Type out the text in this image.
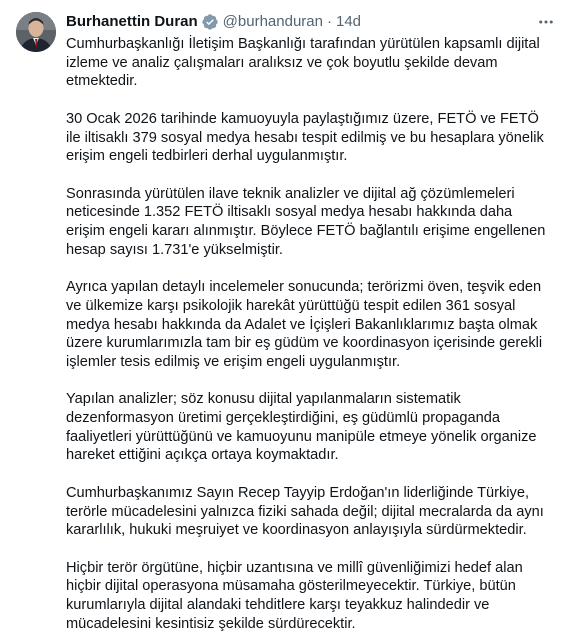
Burhanettin Duran @burhanduran · 14d

Cumhurbaşkanlığı İletişim Başkanlığı tarafından yürütülen kapsamlı dijital izleme ve analiz çalışmaları aralıksız ve çok boyutlu şekilde devam etmektedir.

30 Ocak 2026 tarihinde kamuoyuyla paylaştığımız üzere, FETÖ ve FETÖ ile iltisaklı 379 sosyal medya hesabı tespit edilmiş ve bu hesaplara yönelik erişim engeli tedbirleri derhal uygulanmıştır.

Sonrasında yürütülen ilave teknik analizler ve dijital ağ çözümlemeleri neticesinde 1.352 FETÖ iltisaklı sosyal medya hesabı hakkında daha erişim engeli kararı alınmıştır. Böylece FETÖ bağlantılı erişime engellenen hesap sayısı 1.731'e yükselmiştir.

Ayrıca yapılan detaylı incelemeler sonucunda; terörizmi öven, teşvik eden ve ülkemize karşı psikolojik harekât yürüttüğü tespit edilen 361 sosyal medya hesabı hakkında da Adalet ve İçişleri Bakanlıklarımız başta olmak üzere kurumlarımızla tam bir eş güdüm ve koordinasyon içerisinde gerekli işlemler tesis edilmiş ve erişim engeli uygulanmıştır.

Yapılan analizler; söz konusu dijital yapılanmaların sistematik dezenformasyon üretimi gerçekleştirdiğini, eş güdümlü propaganda faaliyetleri yürüttüğünü ve kamuoyunu manipüle etmeye yönelik organize hareket ettiğini açıkça ortaya koymaktadır.

Cumhurbaşkanımız Sayın Recep Tayyip Erdoğan'ın liderliğinde Türkiye, terörle mücadelesini yalnızca fiziki sahada değil; dijital mecralarda da aynı kararlılık, hukuki meşruiyet ve koordinasyon anlayışıyla sürdürmektedir.

Hiçbir terör örgütüne, hiçbir uzantısına ve millî güvenliğimizi hedef alan hiçbir dijital operasyona müsamaha gösterilmeyecektir. Türkiye, bütün kurumlarıyla dijital alandaki tehditlere karşı teyakkuz halindedir ve mücadelesini kesintisiz şekilde sürdürecektir.
